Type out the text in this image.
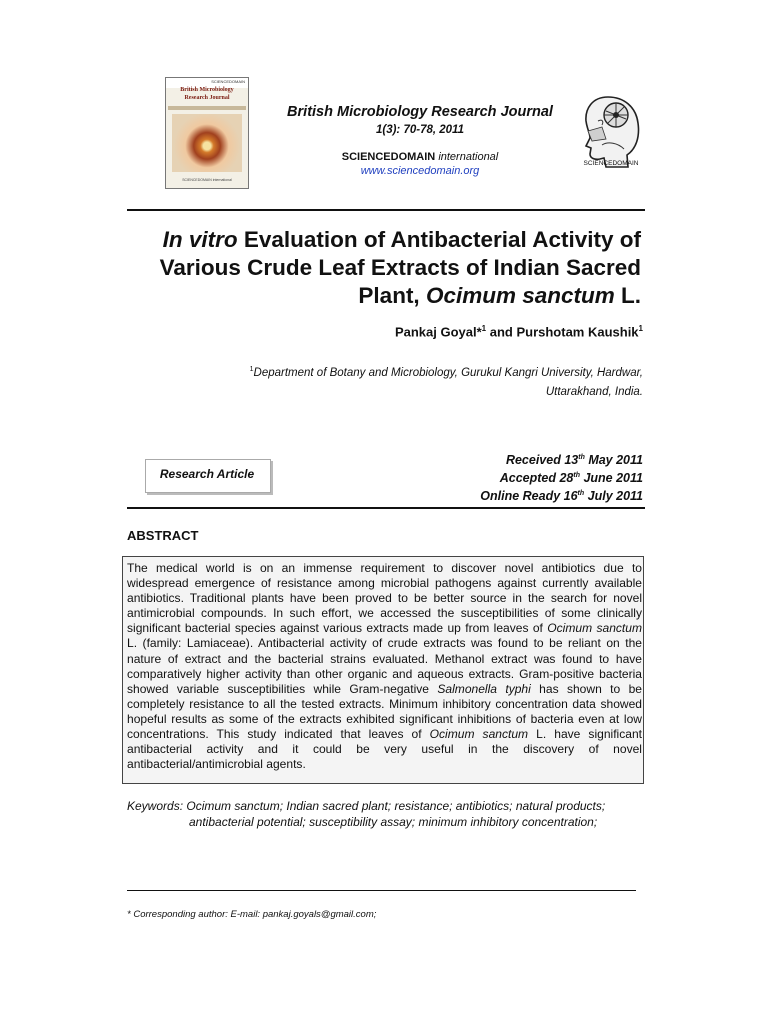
SCIENCEDOMAIN
British Microbiology
Research Journal
SCIENCEDOMAIN international
British Microbiology Research Journal
1(3): 70-78, 2011
SCIENCEDOMAIN international
www.sciencedomain.org
SCIENCEDOMAIN
In vitro Evaluation of Antibacterial Activity of Various Crude Leaf Extracts of Indian Sacred Plant, Ocimum sanctum L.
Pankaj Goyal*$^1$ and Purshotam Kaushik$^1$
$^1$Department of Botany and Microbiology, Gurukul Kangri University, Hardwar,
Uttarakhand, India.
Research Article
Received 13th May 2011
Accepted 28th June 2011
Online Ready 16th July 2011
ABSTRACT
The medical world is on an immense requirement to discover novel antibiotics due to widespread emergence of resistance among microbial pathogens against currently available antibiotics. Traditional plants have been proved to be better source in the search for novel antimicrobial compounds. In such effort, we accessed the susceptibilities of some clinically significant bacterial species against various extracts made up from leaves of Ocimum sanctum L. (family: Lamiaceae). Antibacterial activity of crude extracts was found to be reliant on the nature of extract and the bacterial strains evaluated. Methanol extract was found to have comparatively higher activity than other organic and aqueous extracts. Gram-positive bacteria showed variable susceptibilities while Gram-negative Salmonella typhi has shown to be completely resistance to all the tested extracts. Minimum inhibitory concentration data showed hopeful results as some of the extracts exhibited significant inhibitions of bacteria even at low concentrations. This study indicated that leaves of Ocimum sanctum L. have significant antibacterial activity and it could be very useful in the discovery of novel antibacterial/antimicrobial agents.
Keywords: Ocimum sanctum; Indian sacred plant; resistance; antibiotics; natural products;
antibacterial potential; susceptibility assay; minimum inhibitory concentration;
* Corresponding author: E-mail: pankaj.goyals@gmail.com;
